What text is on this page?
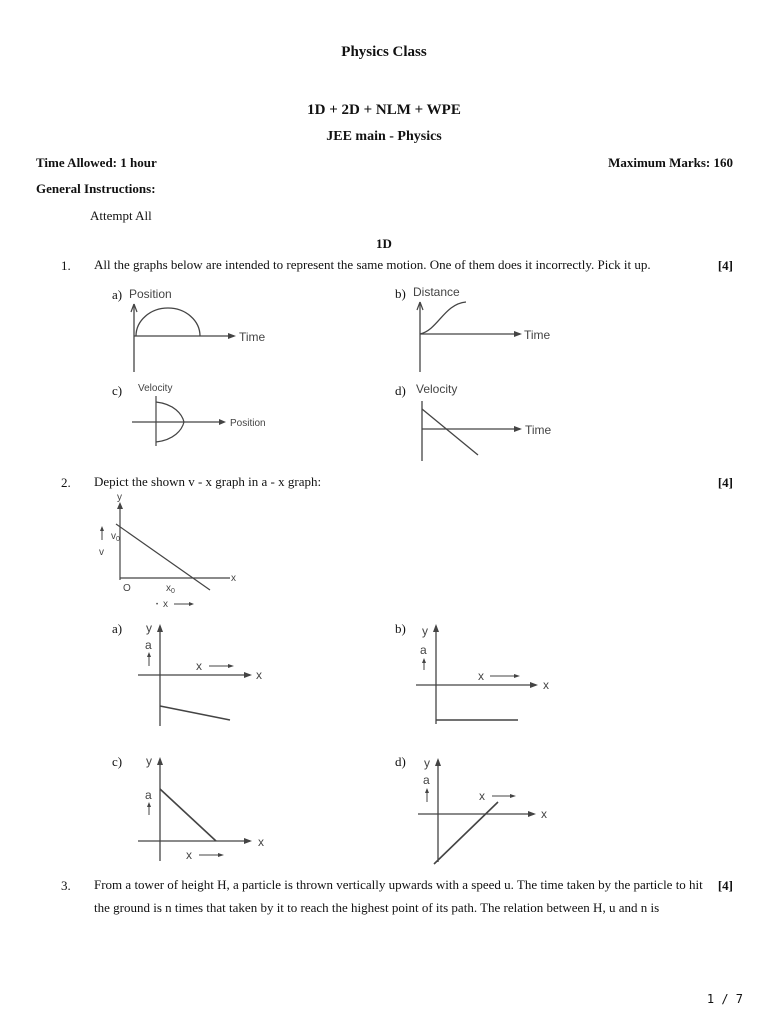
Physics Class
1D + 2D + NLM + WPE
JEE main - Physics
Time Allowed: 1 hour	Maximum Marks: 160
General Instructions:
Attempt All
1D
1. All the graphs below are intended to represent the same motion. One of them does it incorrectly. Pick it up.	[4]
a) Position
Time
b) Distance
Time
c) Velocity
Position
d) Velocity
Time
2. Depict the shown v - x graph in a - x graph:	[4]
y
$v_0$
v
O	$x_0$
x
• x
a) y
a
x
x
b) y
a
x
x
c) y
a
x
x
d) y
a
x
x
3. From a tower of height H, a particle is thrown vertically upwards with a speed u. The time taken by the particle to hit the ground is n times that taken by it to reach the highest point of its path. The relation between H, u and n is
[4]
1 / 7
